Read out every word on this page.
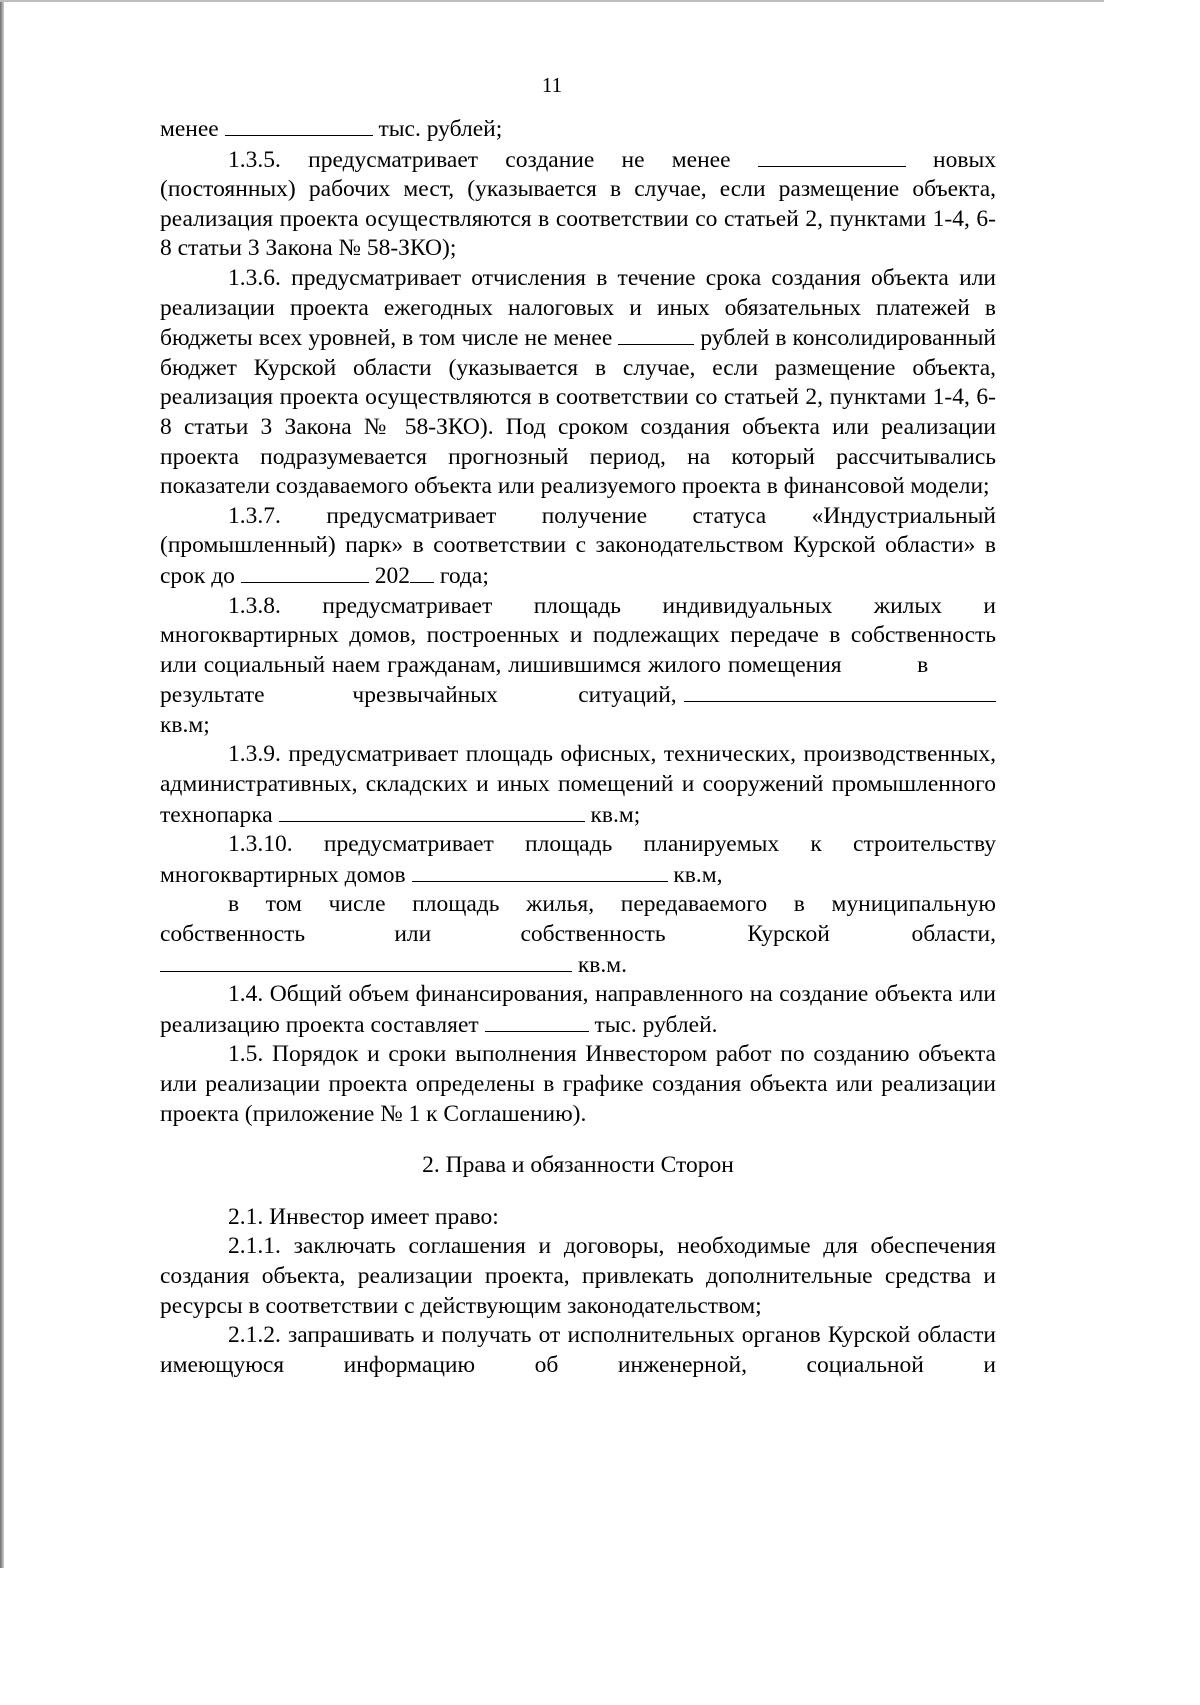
11

менее	тыс. рублей;

1.3.5. предусматривает создание не менее	новых (постоянных) рабочих мест, (указывается в случае, если размещение объекта, реализация проекта осуществляются в соответствии со статьей 2, пунктами 1-4, 6-8 статьи 3 Закона № 58-ЗКО);

1.3.6. предусматривает отчисления в течение срока создания объекта или реализации проекта ежегодных налоговых и иных обязательных платежей в бюджеты всех уровней, в том числе не менее	рублей в консолидированный бюджет Курской области (указывается в случае, если размещение объекта, реализация проекта осуществляются в соответствии со статьей 2, пунктами 1-4, 6-8 статьи 3 Закона № 58-ЗКО). Под сроком создания объекта или реализации проекта подразумевается прогнозный период, на который рассчитывались показатели создаваемого объекта или реализуемого проекта в финансовой модели;

1.3.7. предусматривает получение статуса «Индустриальный (промышленный) парк» в соответствии с законодательством Курской области» в срок до	202 года;

1.3.8. предусматривает площадь индивидуальных жилых и многоквартирных домов, построенных и подлежащих передаче в собственность или социальный наем гражданам, лишившимся жилого помещения           в           результате            чрезвычайных           ситуаций,  кв.м;

1.3.9. предусматривает площадь офисных, технических, производственных, административных, складских и иных помещений и сооружений промышленного технопарка	кв.м;

1.3.10. предусматривает площадь планируемых к строительству многоквартирных домов	кв.м,

в том числе площадь жилья, передаваемого в муниципальную собственность            или            собственность           Курской           области,  кв.м.

1.4. Общий объем финансирования, направленного на создание объекта или реализацию проекта составляет	тыс. рублей.

1.5. Порядок и сроки выполнения Инвестором работ по созданию объекта или реализации проекта определены в графике создания объекта или реализации проекта (приложение № 1 к Соглашению).

2. Права и обязанности Сторон

2.1. Инвестор имеет право:

2.1.1. заключать соглашения и договоры, необходимые для обеспечения создания объекта, реализации проекта, привлекать дополнительные средства и ресурсы в соответствии с действующим законодательством;

2.1.2. запрашивать и получать от исполнительных органов Курской области имеющуюся информацию об инженерной, социальной и
